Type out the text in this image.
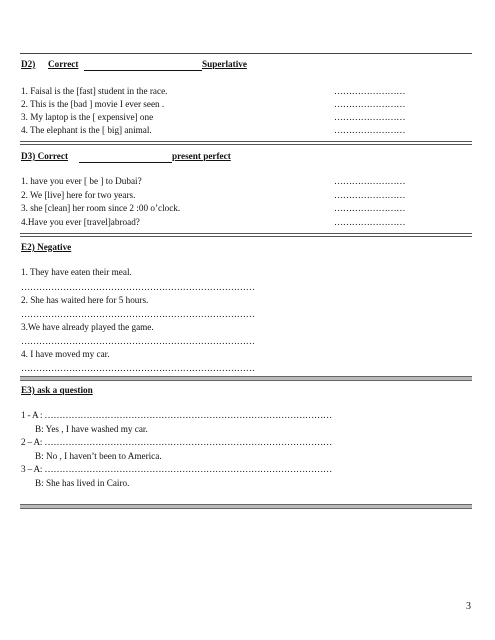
D2) Correct	Superlative
1. Faisal is the [fast] student in the race.	……………………
2. This is the [bad ] movie I ever seen .	……………………
3. My laptop is the [ expensive] one	……………………
4. The elephant is the [ big] animal.	……………………
D3) Correct	present perfect
1. have you ever [ be ] to Dubai?	……………………
2. We [live] here for two years.	……………………
3. she [clean] her room since 2 :00 o’clock.	……………………
4.Have you ever [travel]abroad?	……………………
E2) Negative
1. They have eaten their meal.
……………………………………………………………………
2. She has waited here for 5 hours.
……………………………………………………………………
3.We have already played the game.
……………………………………………………………………
4. I have moved my car.
……………………………………………………………………
E3) ask a question
1 - A : ……………………………………………………………………………………
B: Yes , I have washed my car.
2 – A: ……………………………………………………………………………………
B: No , I haven’t been to America.
3 – A: ……………………………………………………………………………………
B: She has lived in Cairo.
3
